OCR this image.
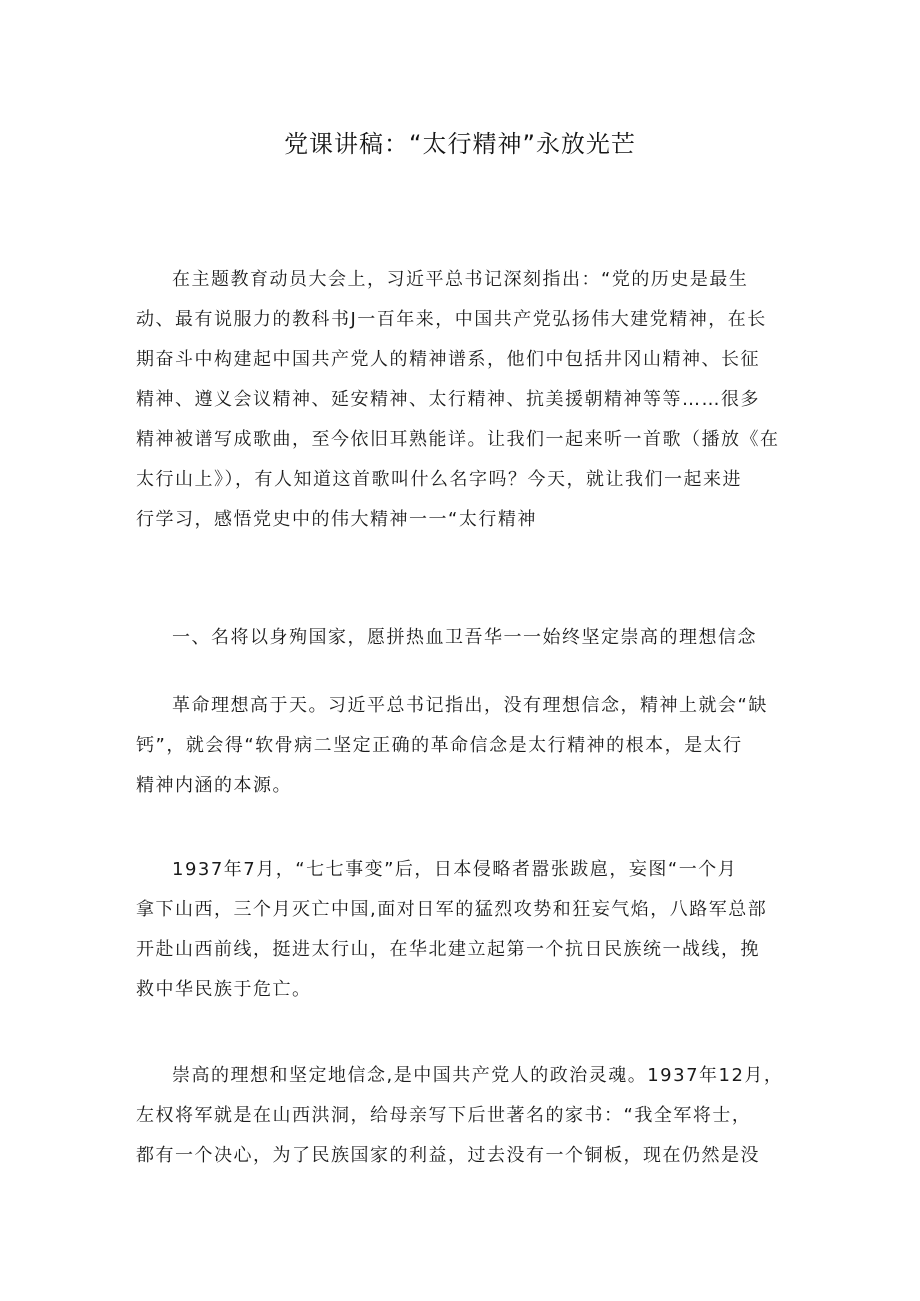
党课讲稿：“太行精神”永放光芒
在主题教育动员大会上，习近平总书记深刻指出：“党的历史是最生
动、最有说服力的教科书J一百年来，中国共产党弘扬伟大建党精神，在长
期奋斗中构建起中国共产党人的精神谱系，他们中包括井冈山精神、长征
精神、遵义会议精神、延安精神、太行精神、抗美援朝精神等等……很多
精神被谱写成歌曲，至今依旧耳熟能详。让我们一起来听一首歌（播放《在
太行山上》），有人知道这首歌叫什么名字吗？今天，就让我们一起来进
行学习，感悟党史中的伟大精神一一“太行精神
一、名将以身殉国家，愿拼热血卫吾华一一始终坚定崇高的理想信念
革命理想高于天。习近平总书记指出，没有理想信念，精神上就会“缺
钙”，就会得“软骨病二坚定正确的革命信念是太行精神的根本，是太行
精神内涵的本源。
1937年7月，“七七事变”后，日本侵略者嚣张跋扈，妄图“一个月
拿下山西，三个月灭亡中国,面对日军的猛烈攻势和狂妄气焰，八路军总部
开赴山西前线，挺进太行山，在华北建立起第一个抗日民族统一战线，挽
救中华民族于危亡。
崇高的理想和坚定地信念,是中国共产党人的政治灵魂。1937年12月，
左权将军就是在山西洪洞，给母亲写下后世著名的家书：“我全军将士，
都有一个决心，为了民族国家的利益，过去没有一个铜板，现在仍然是没
